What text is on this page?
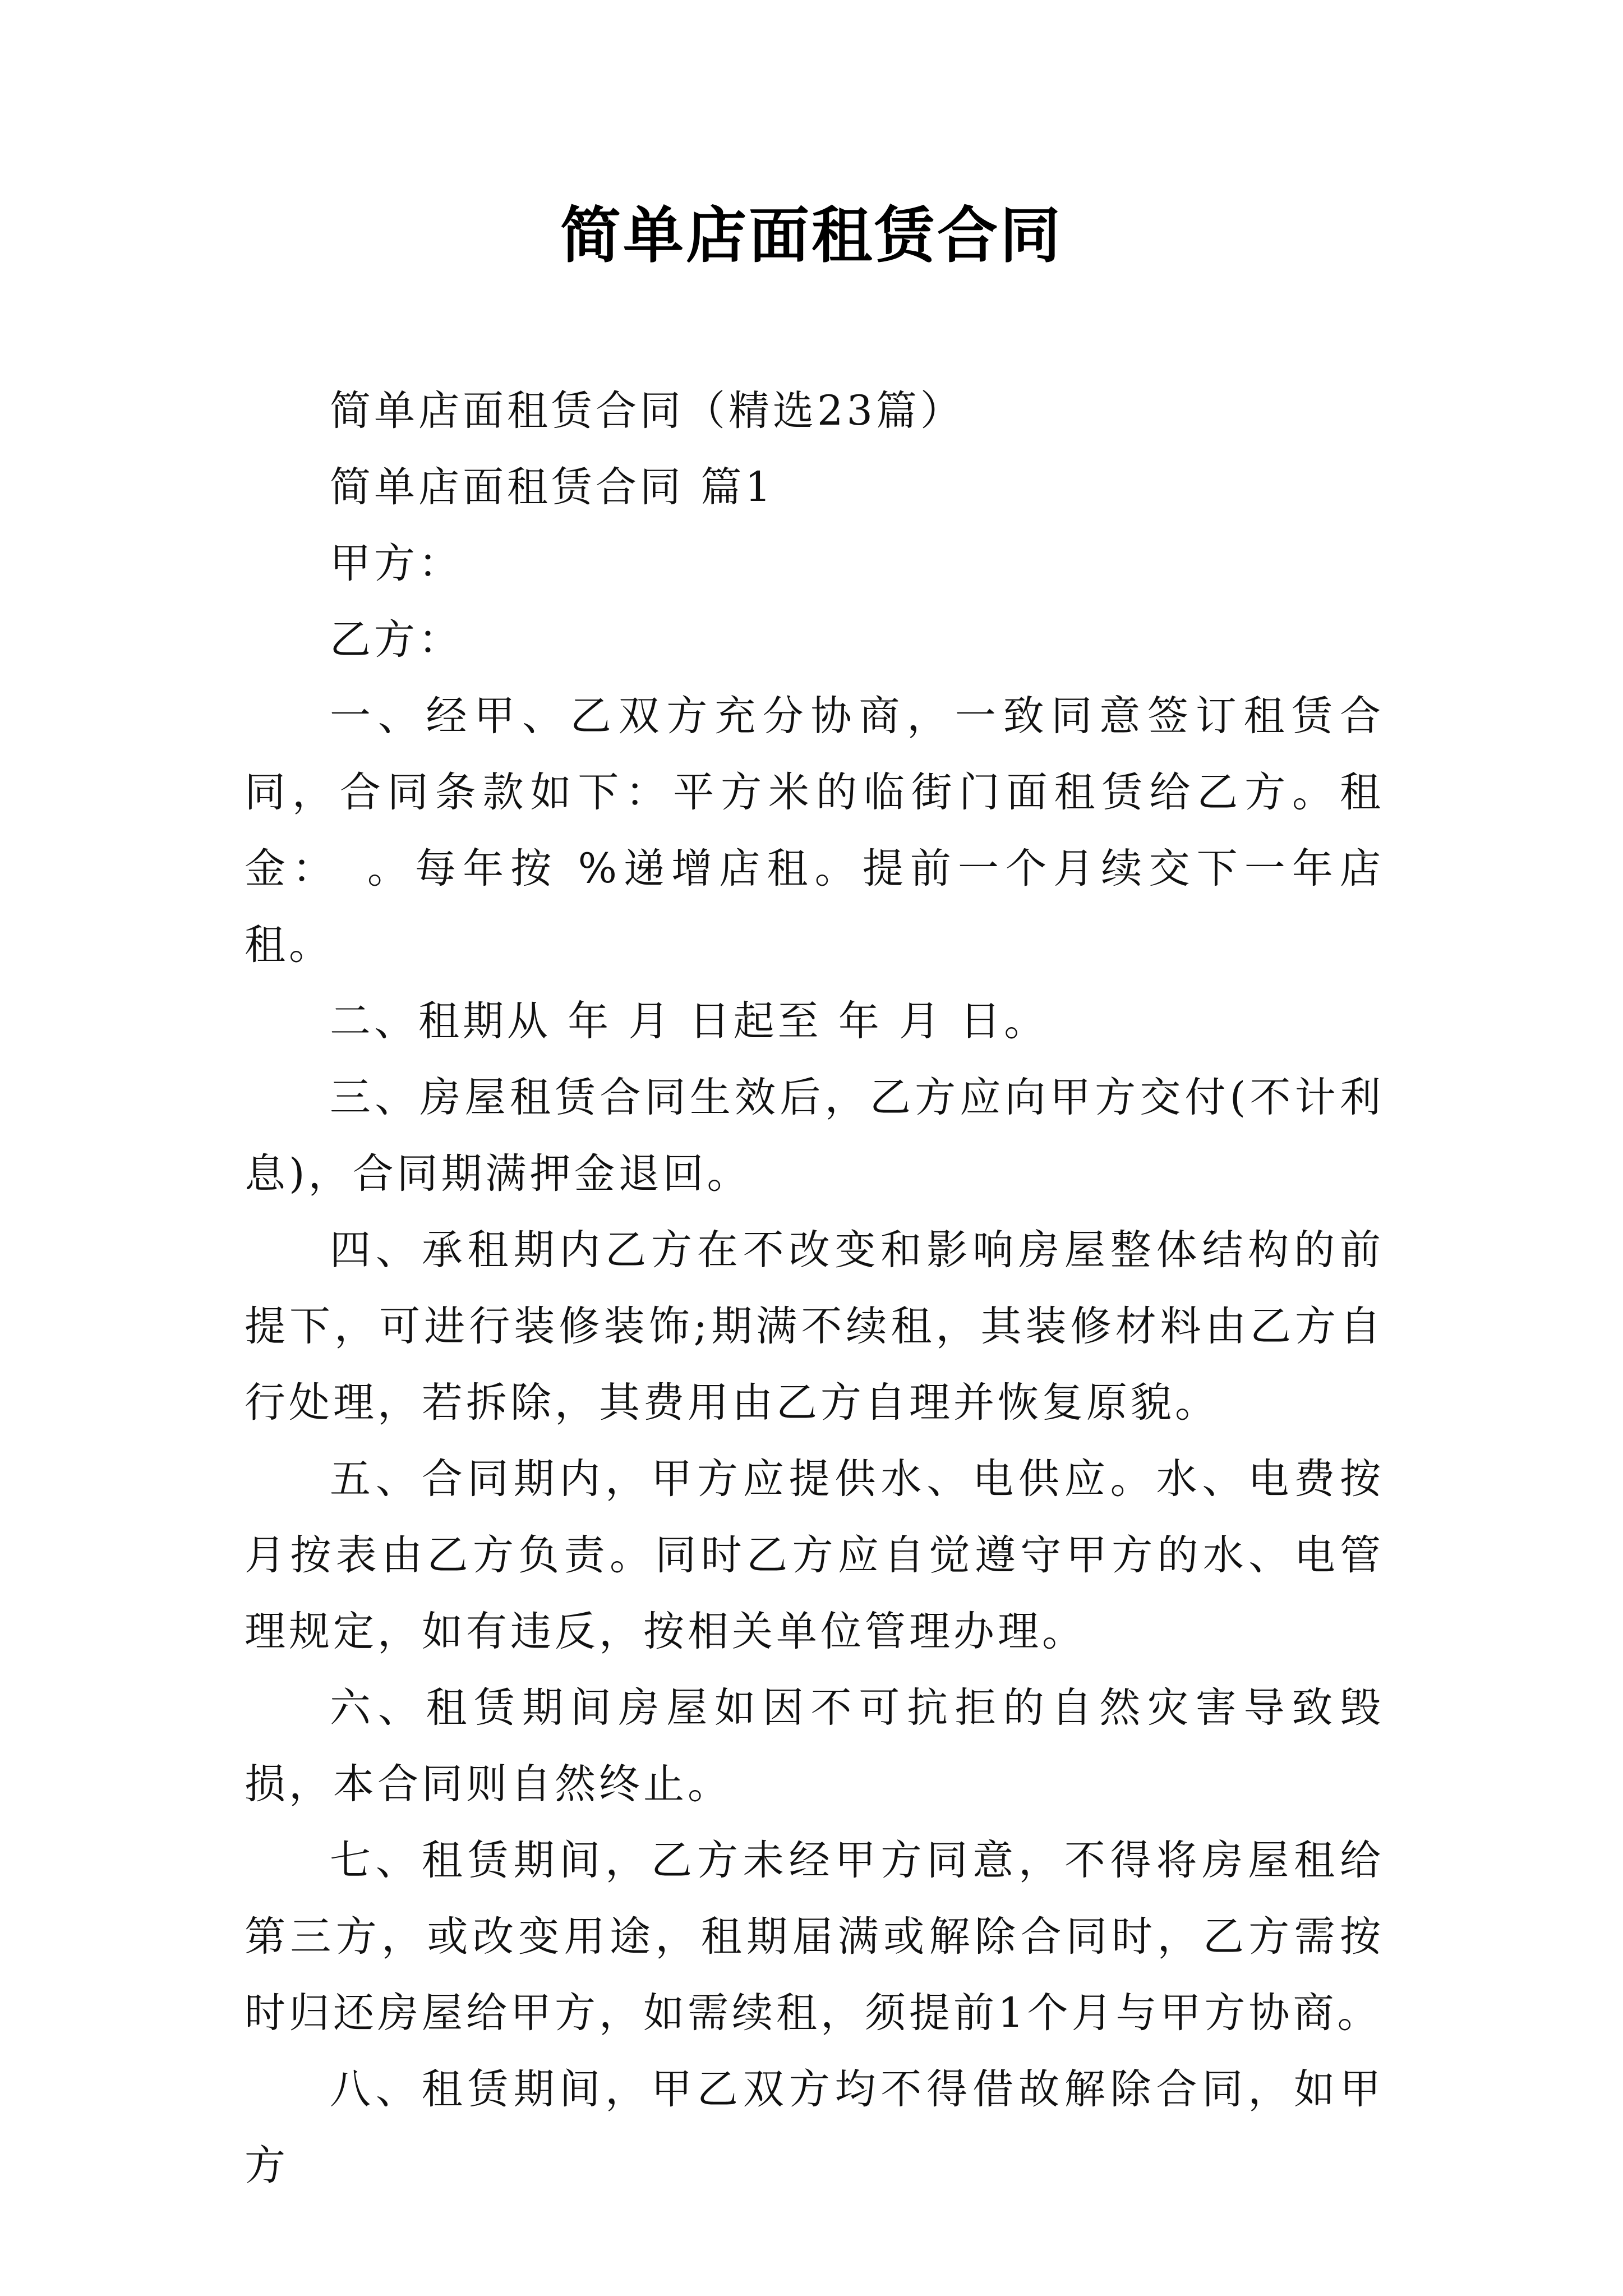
简单店面租赁合同

简单店面租赁合同（精选23篇）

简单店面租赁合同 篇1

甲方：

乙方：

一、经甲、乙双方充分协商，一致同意签订租赁合同，合同条款如下：平方米的临街门面租赁给乙方。租金：　。每年按 %递增店租。提前一个月续交下一年店租。

二、租期从 年 月 日起至 年 月 日。

三、房屋租赁合同生效后，乙方应向甲方交付(不计利息)，合同期满押金退回。

四、承租期内乙方在不改变和影响房屋整体结构的前提下，可进行装修装饰;期满不续租，其装修材料由乙方自行处理，若拆除，其费用由乙方自理并恢复原貌。

五、合同期内，甲方应提供水、电供应。水、电费按月按表由乙方负责。同时乙方应自觉遵守甲方的水、电管理规定，如有违反，按相关单位管理办理。

六、租赁期间房屋如因不可抗拒的自然灾害导致毁损，本合同则自然终止。

七、租赁期间，乙方未经甲方同意，不得将房屋租给第三方，或改变用途，租期届满或解除合同时，乙方需按时归还房屋给甲方，如需续租，须提前1个月与甲方协商。

八、租赁期间，甲乙双方均不得借故解除合同，如甲方
